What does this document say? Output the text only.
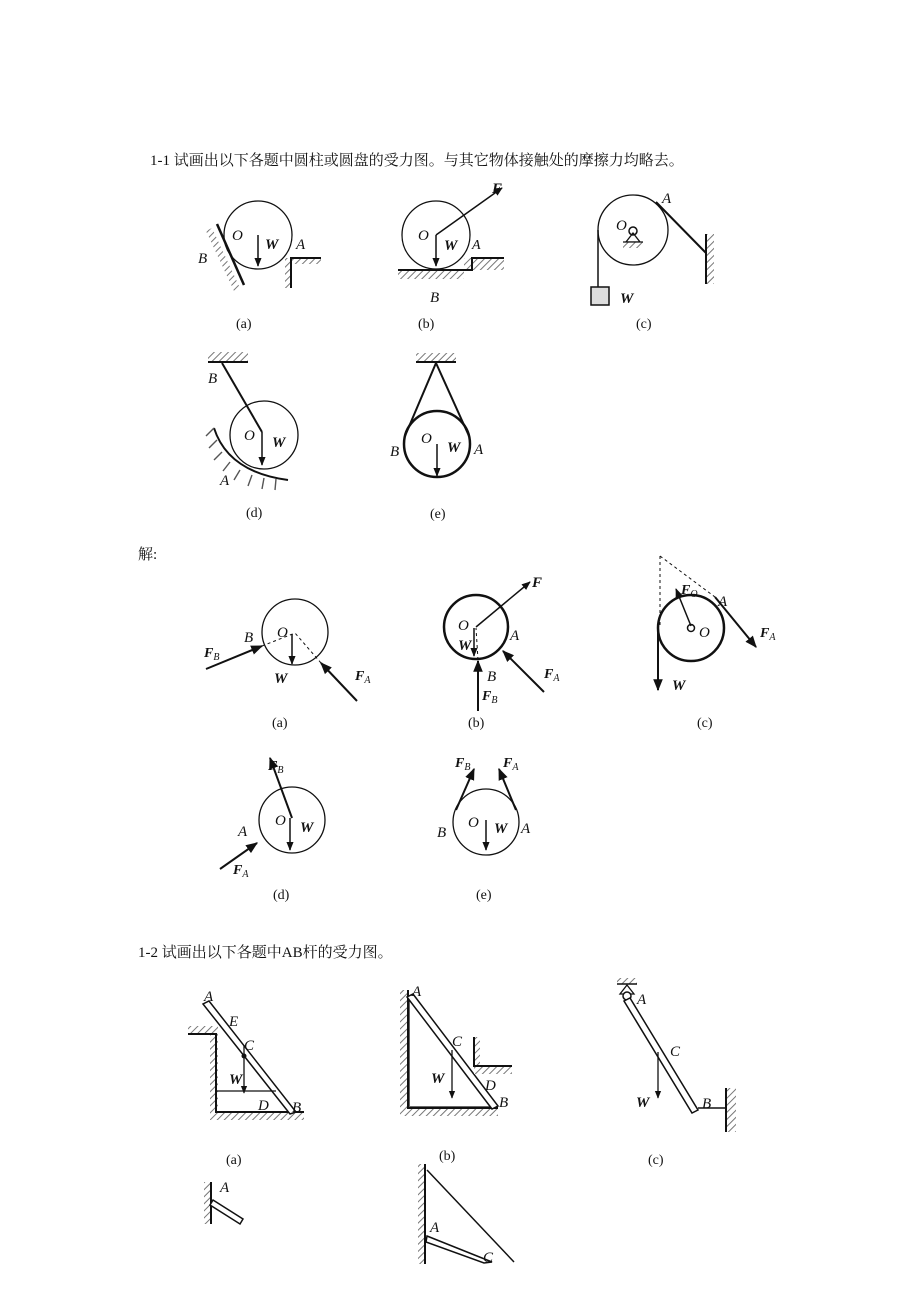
1-1 试画出以下各题中圆柱或圆盘的受力图。与其它物体接触处的摩擦力均略去。
解:
1-2 试画出以下各题中AB杆的受力图。
O
W A
B
(a)
O
W
F
A
B
(b)
O
A
W
(c)
O W
B
A
(d)
O
W
B	A
(e)
O
B
$F_B$
W	$F_A$
(a)
F
O
W
A
B
$F_B$
$F_A$
(b)
$F_O$ A
O	$F_A$
W
(c)
$F_B$
O W
A
$F_A$
(d)
$F_B$ $F_A$
O W
B	A
(e)
A
E
C
W
D B
(a)
A
C
W	D
B
(b)
A
C
W	B
(c)
A
A
C
